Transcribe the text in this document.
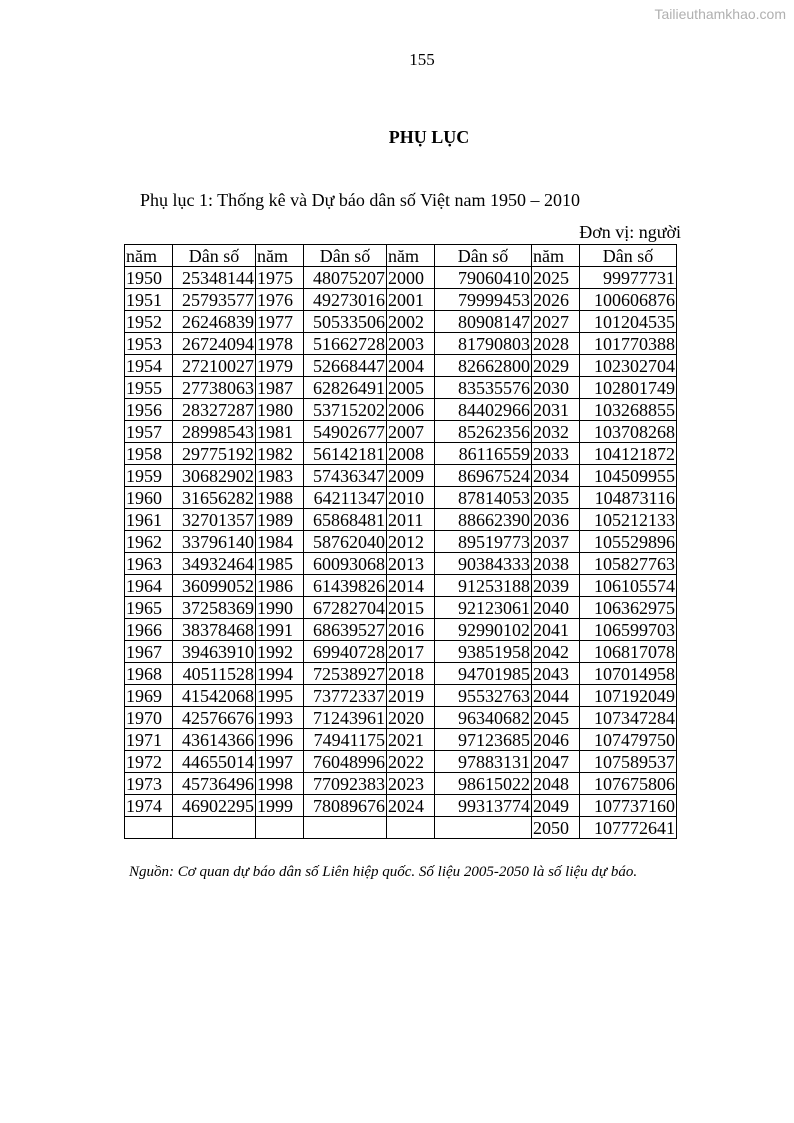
Tailieuthamkhao.com
155
PHỤ LỤC
Phụ lục 1: Thống kê và Dự báo dân số Việt nam 1950 – 2010
Đơn vị: người
năm	Dân số	năm	Dân số	năm	Dân số	năm	Dân số
1950	25348144	1975	48075207	2000	79060410	2025	99977731
1951	25793577	1976	49273016	2001	79999453	2026	100606876
1952	26246839	1977	50533506	2002	80908147	2027	101204535
1953	26724094	1978	51662728	2003	81790803	2028	101770388
1954	27210027	1979	52668447	2004	82662800	2029	102302704
1955	27738063	1987	62826491	2005	83535576	2030	102801749
1956	28327287	1980	53715202	2006	84402966	2031	103268855
1957	28998543	1981	54902677	2007	85262356	2032	103708268
1958	29775192	1982	56142181	2008	86116559	2033	104121872
1959	30682902	1983	57436347	2009	86967524	2034	104509955
1960	31656282	1988	64211347	2010	87814053	2035	104873116
1961	32701357	1989	65868481	2011	88662390	2036	105212133
1962	33796140	1984	58762040	2012	89519773	2037	105529896
1963	34932464	1985	60093068	2013	90384333	2038	105827763
1964	36099052	1986	61439826	2014	91253188	2039	106105574
1965	37258369	1990	67282704	2015	92123061	2040	106362975
1966	38378468	1991	68639527	2016	92990102	2041	106599703
1967	39463910	1992	69940728	2017	93851958	2042	106817078
1968	40511528	1994	72538927	2018	94701985	2043	107014958
1969	41542068	1995	73772337	2019	95532763	2044	107192049
1970	42576676	1993	71243961	2020	96340682	2045	107347284
1971	43614366	1996	74941175	2021	97123685	2046	107479750
1972	44655014	1997	76048996	2022	97883131	2047	107589537
1973	45736496	1998	77092383	2023	98615022	2048	107675806
1974	46902295	1999	78089676	2024	99313774	2049	107737160
						2050	107772641
Nguồn: Cơ quan dự báo dân số Liên hiệp quốc. Số liệu 2005-2050 là số liệu dự báo.
